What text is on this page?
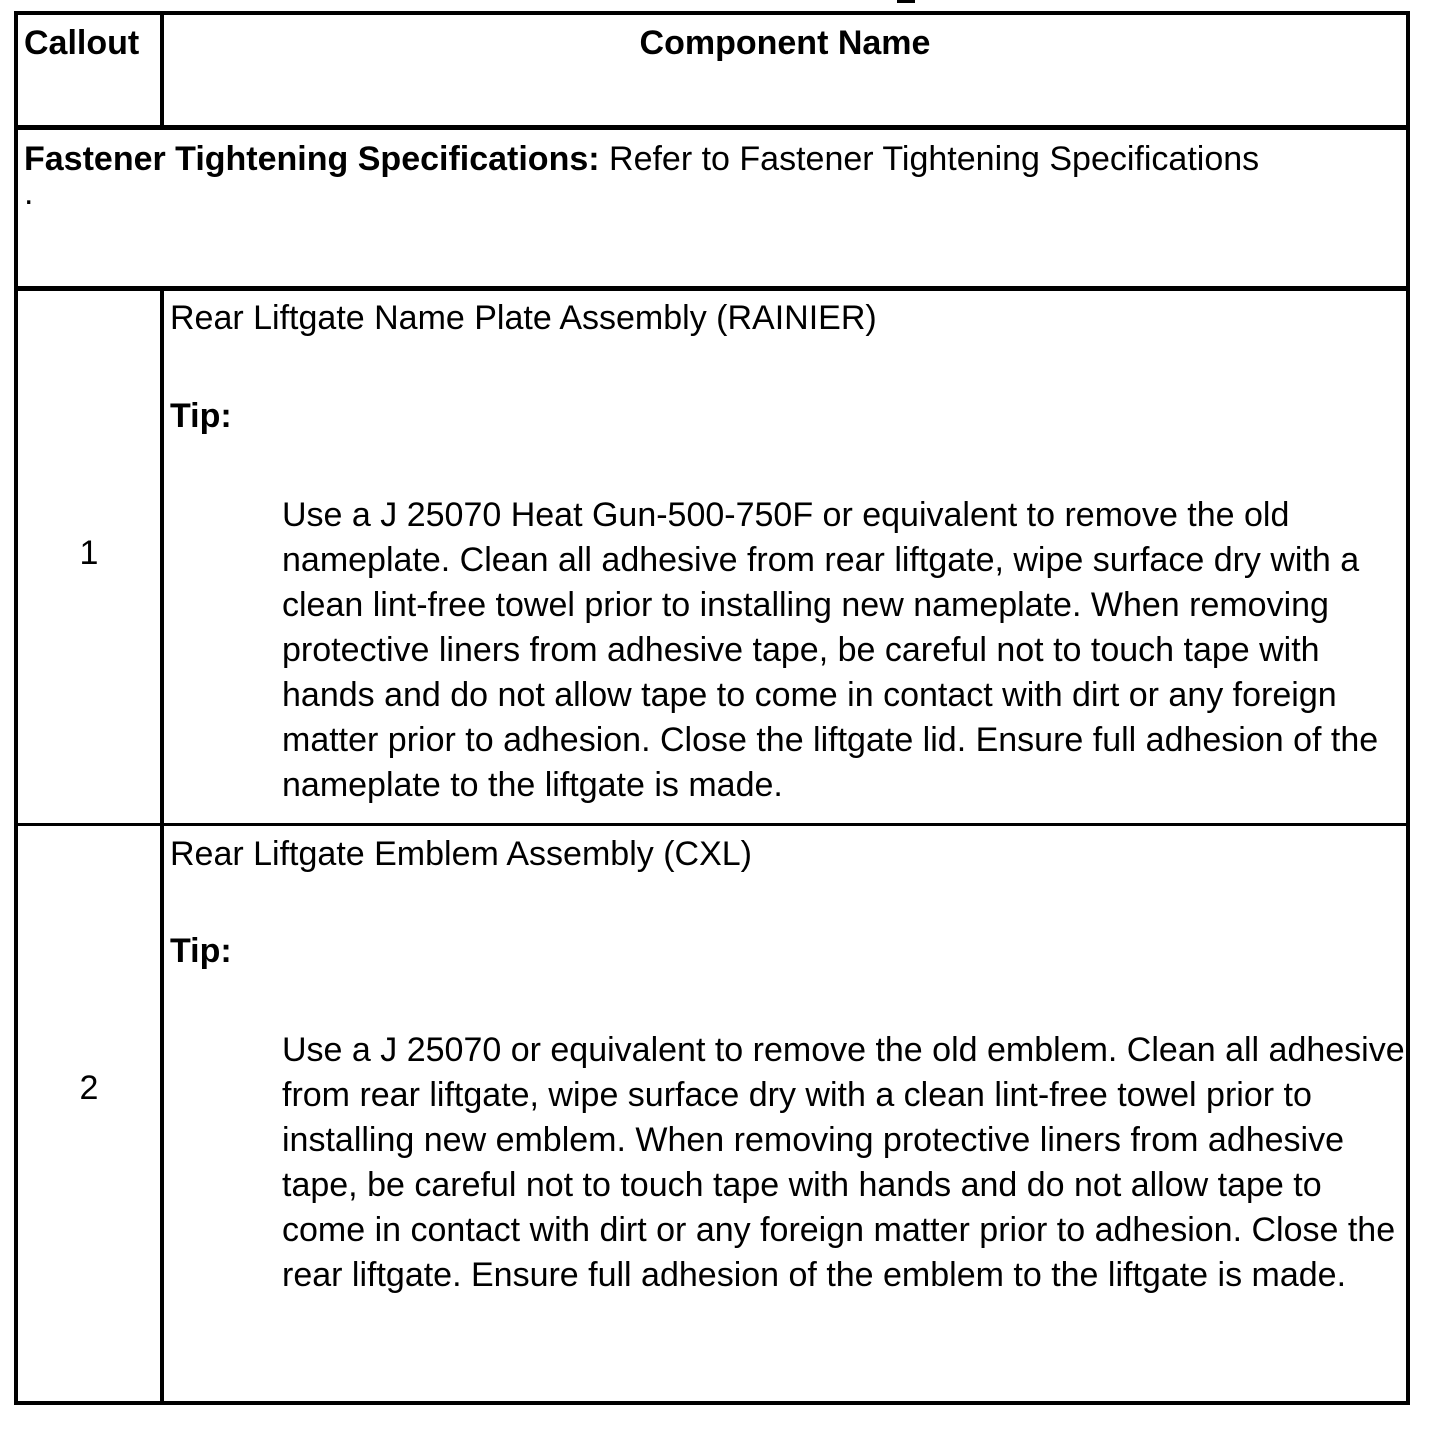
Callout	Component Name
Fastener Tightening Specifications: Refer to Fastener Tightening Specifications
.
1
Rear Liftgate Name Plate Assembly (RAINIER)
Tip:
Use a J 25070 Heat Gun-500-750F or equivalent to remove the old nameplate. Clean all adhesive from rear liftgate, wipe surface dry with a clean lint-free towel prior to installing new nameplate. When removing protective liners from adhesive tape, be careful not to touch tape with hands and do not allow tape to come in contact with dirt or any foreign matter prior to adhesion. Close the liftgate lid. Ensure full adhesion of the nameplate to the liftgate is made.
2
Rear Liftgate Emblem Assembly (CXL)
Tip:
Use a J 25070 or equivalent to remove the old emblem. Clean all adhesive from rear liftgate, wipe surface dry with a clean lint-free towel prior to installing new emblem. When removing protective liners from adhesive tape, be careful not to touch tape with hands and do not allow tape to come in contact with dirt or any foreign matter prior to adhesion. Close the rear liftgate. Ensure full adhesion of the emblem to the liftgate is made.
